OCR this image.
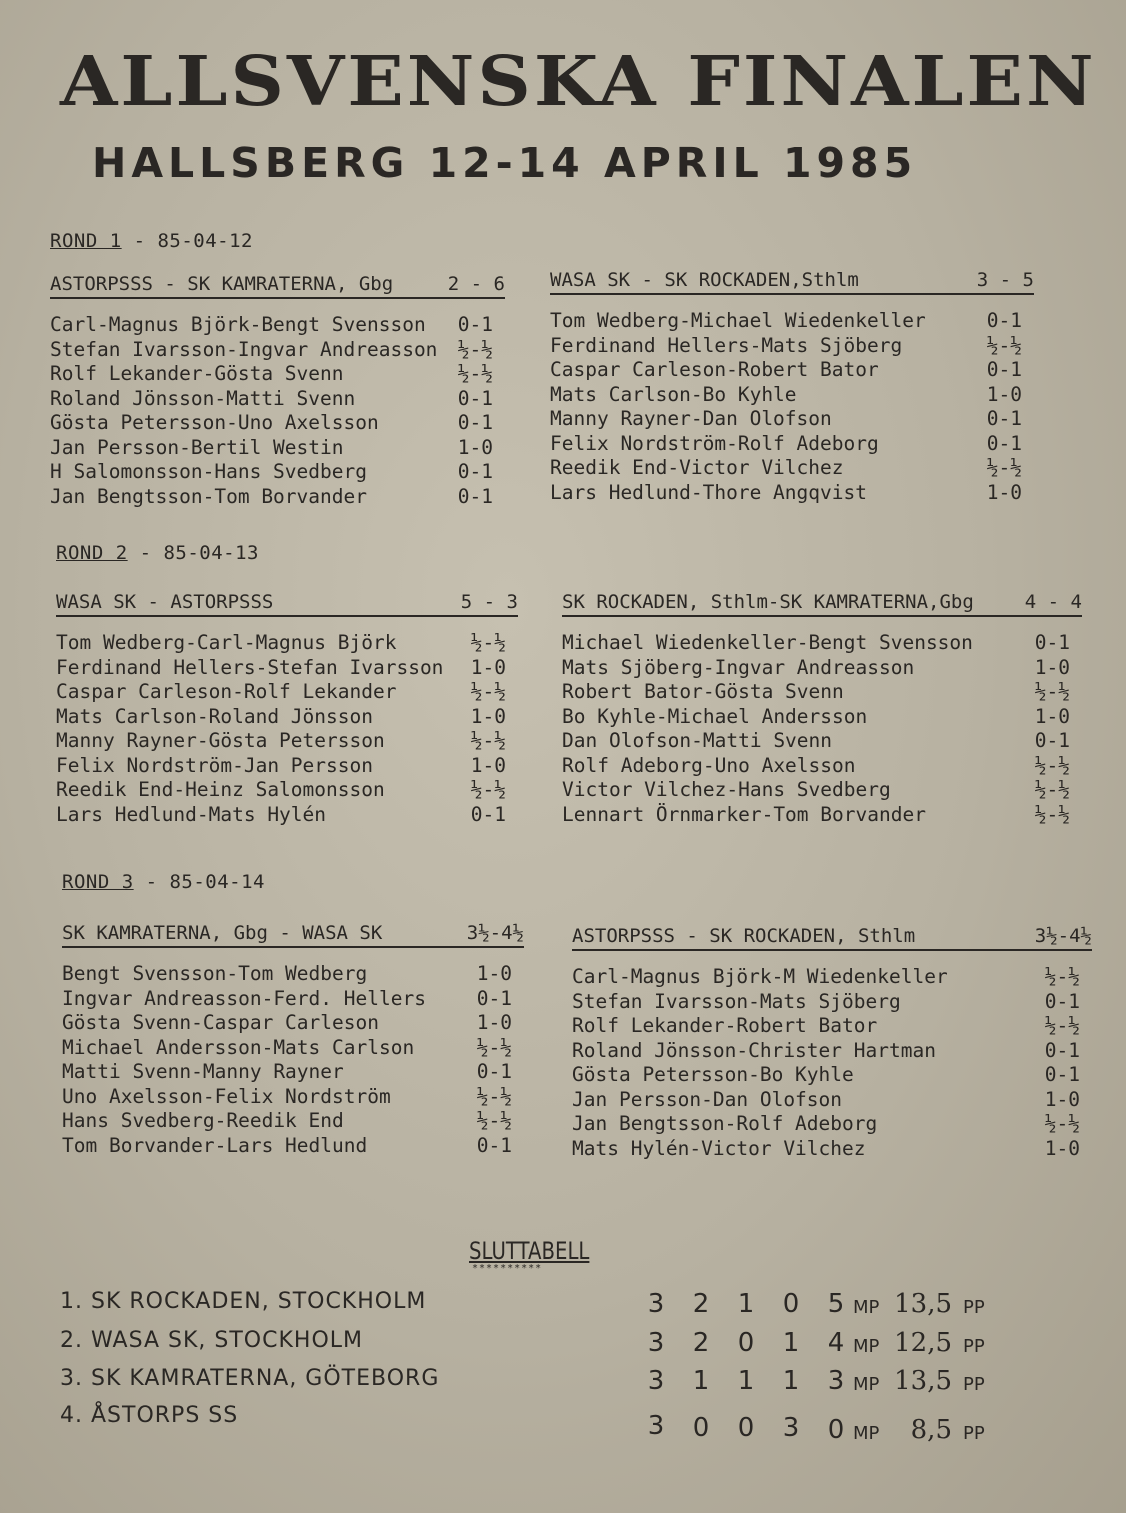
ALLSVENSKA FINALEN
HALLSBERG 12-14 APRIL 1985
ROND 1 - 85-04-12
ASTORPSSS - SK KAMRATERNA, Gbg	2 - 6
Carl-Magnus Björk-Bengt Svensson 0-1
Stefan Ivarsson-Ingvar Andreasson ½-½
Rolf Lekander-Gösta Svenn	½-½
Roland Jönsson-Matti Svenn	0-1
Gösta Petersson-Uno Axelsson	0-1
Jan Persson-Bertil Westin	1-0
H Salomonsson-Hans Svedberg	0-1
Jan Bengtsson-Tom Borvander	0-1
WASA SK - SK ROCKADEN,Sthlm	3 - 5
Tom Wedberg-Michael Wiedenkeller	0-1
Ferdinand Hellers-Mats Sjöberg	½-½
Caspar Carleson-Robert Bator	0-1
Mats Carlson-Bo Kyhle	1-0
Manny Rayner-Dan Olofson	0-1
Felix Nordström-Rolf Adeborg	0-1
Reedik End-Victor Vilchez	½-½
Lars Hedlund-Thore Angqvist	1-0
ROND 2 - 85-04-13
WASA SK - ASTORPSSS	5 - 3
Tom Wedberg-Carl-Magnus Björk	½-½
Ferdinand Hellers-Stefan Ivarsson 1-0
Caspar Carleson-Rolf Lekander	½-½
Mats Carlson-Roland Jönsson	1-0
Manny Rayner-Gösta Petersson	½-½
Felix Nordström-Jan Persson	1-0
Reedik End-Heinz Salomonsson	½-½
Lars Hedlund-Mats Hylén	0-1
SK ROCKADEN, Sthlm-SK KAMRATERNA,Gbg	4 - 4
Michael Wiedenkeller-Bengt Svensson	0-1
Mats Sjöberg-Ingvar Andreasson	1-0
Robert Bator-Gösta Svenn	½-½
Bo Kyhle-Michael Andersson	1-0
Dan Olofson-Matti Svenn	0-1
Rolf Adeborg-Uno Axelsson	½-½
Victor Vilchez-Hans Svedberg	½-½
Lennart Örnmarker-Tom Borvander	½-½
ROND 3 - 85-04-14
SK KAMRATERNA, Gbg - WASA SK	3½-4½
Bengt Svensson-Tom Wedberg	1-0
Ingvar Andreasson-Ferd. Hellers	0-1
Gösta Svenn-Caspar Carleson	1-0
Michael Andersson-Mats Carlson	½-½
Matti Svenn-Manny Rayner	0-1
Uno Axelsson-Felix Nordström	½-½
Hans Svedberg-Reedik End	½-½
Tom Borvander-Lars Hedlund	0-1
ASTORPSSS - SK ROCKADEN, Sthlm	3½-4½
Carl-Magnus Björk-M Wiedenkeller	½-½
Stefan Ivarsson-Mats Sjöberg	0-1
Rolf Lekander-Robert Bator	½-½
Roland Jönsson-Christer Hartman	0-1
Gösta Petersson-Bo Kyhle	0-1
Jan Persson-Dan Olofson	1-0
Jan Bengtsson-Rolf Adeborg	½-½
Mats Hylén-Victor Vilchez	1-0
SLUTTABELL
**********
1. SK ROCKADEN, STOCKHOLM	3 2 1 0 5 MP 13,5 PP
2. WASA SK, STOCKHOLM	3 2 0 1 4 MP 12,5 PP
3. SK KAMRATERNA, GÖTEBORG	3 1 1 1 3 MP 13,5 PP
4. ÅSTORPS SS	3 0 0 3 0 MP	8,5 PP
